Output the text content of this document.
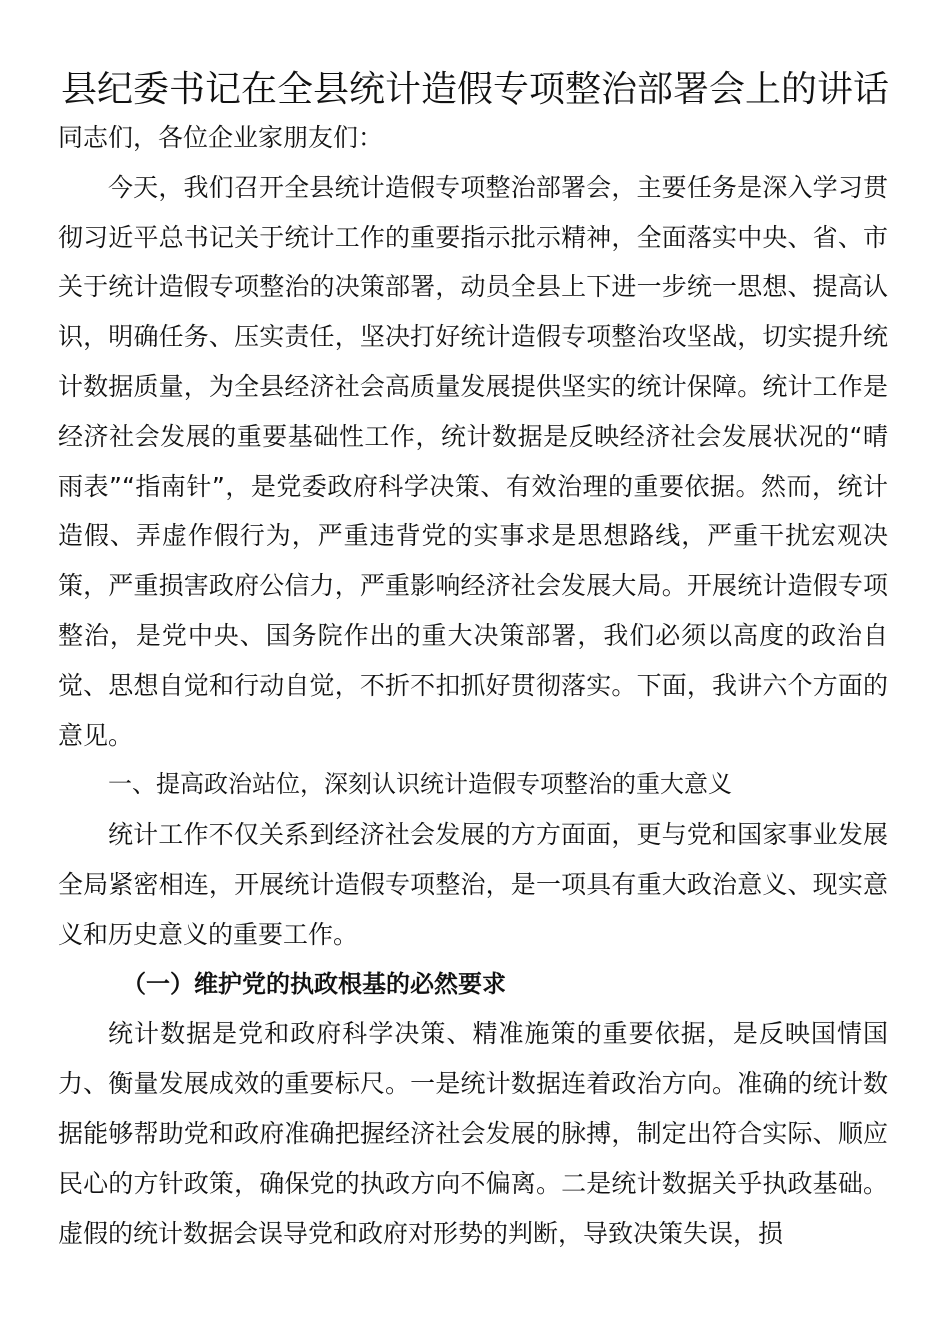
县纪委书记在全县统计造假专项整治部署会上的讲话

同志们，各位企业家朋友们：

今天，我们召开全县统计造假专项整治部署会，主要任务是深入学习贯彻习近平总书记关于统计工作的重要指示批示精神，全面落实中央、省、市关于统计造假专项整治的决策部署，动员全县上下进一步统一思想、提高认识，明确任务、压实责任，坚决打好统计造假专项整治攻坚战，切实提升统计数据质量，为全县经济社会高质量发展提供坚实的统计保障。统计工作是经济社会发展的重要基础性工作，统计数据是反映经济社会发展状况的“晴雨表”“指南针”，是党委政府科学决策、有效治理的重要依据。然而，统计造假、弄虚作假行为，严重违背党的实事求是思想路线，严重干扰宏观决策，严重损害政府公信力，严重影响经济社会发展大局。开展统计造假专项整治，是党中央、国务院作出的重大决策部署，我们必须以高度的政治自觉、思想自觉和行动自觉，不折不扣抓好贯彻落实。下面，我讲六个方面的意见。

一、提高政治站位，深刻认识统计造假专项整治的重大意义

统计工作不仅关系到经济社会发展的方方面面，更与党和国家事业发展全局紧密相连，开展统计造假专项整治，是一项具有重大政治意义、现实意义和历史意义的重要工作。

（一）维护党的执政根基的必然要求

统计数据是党和政府科学决策、精准施策的重要依据，是反映国情国力、衡量发展成效的重要标尺。一是统计数据连着政治方向。准确的统计数据能够帮助党和政府准确把握经济社会发展的脉搏，制定出符合实际、顺应民心的方针政策，确保党的执政方向不偏离。二是统计数据关乎执政基础。虚假的统计数据会误导党和政府对形势的判断，导致决策失误，损
